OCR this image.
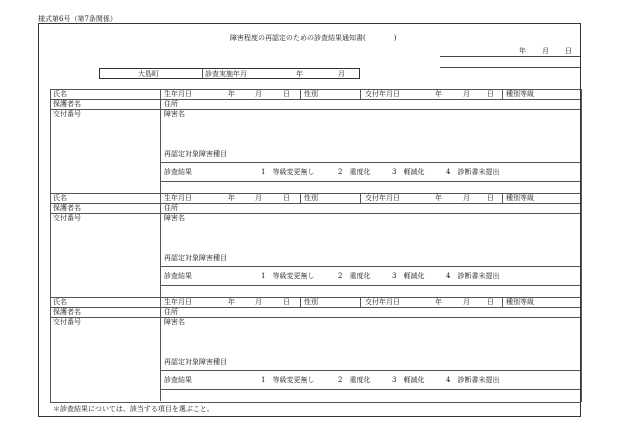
様式第6号（第7条関係）
障害程度の再認定のための診査結果通知書(　　　　)
年 月 日
大島町	診査実施年月	年	月
氏名	生年月日	年	月	日 性別	交付年月日	年	月 日 種別等級
保護者名	住所
交付番号	障害名
再認定対象障害種目
診査結果	1　等級変更無し	2　重度化	3　軽減化	4　診断書未提出
氏名	生年月日	年	月	日 性別	交付年月日	年	月 日 種別等級
保護者名	住所
交付番号	障害名
再認定対象障害種目
診査結果	1　等級変更無し	2　重度化	3　軽減化	4　診断書未提出
氏名	生年月日	年	月	日 性別	交付年月日	年	月 日 種別等級
保護者名	住所
交付番号	障害名
再認定対象障害種目
診査結果	1　等級変更無し	2　重度化	3　軽減化	4　診断書未提出
＊診査結果については、該当する項目を選ぶこと。
